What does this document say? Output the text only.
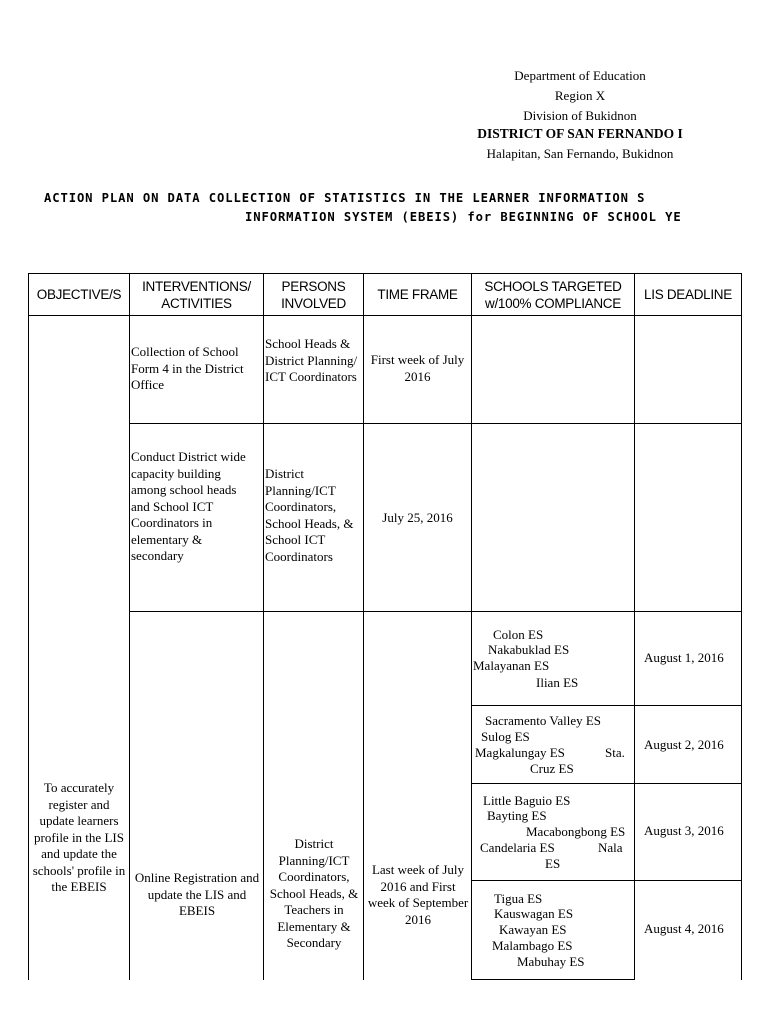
Department of Education
Region X
Division of Bukidnon
DISTRICT OF SAN FERNANDO I
Halapitan, San Fernando, Bukidnon
ACTION PLAN ON DATA COLLECTION OF STATISTICS IN THE LEARNER INFORMATION S
INFORMATION SYSTEM (EBEIS) for BEGINNING OF SCHOOL YE
OBJECTIVE/S
INTERVENTIONS/ ACTIVITIES
PERSONS INVOLVED
TIME FRAME
SCHOOLS TARGETED w/100% COMPLIANCE
LIS DEADLINE
To accurately register and update learners profile in the LIS and update the schools' profile in the EBEIS
Collection of School Form 4 in the District Office
School Heads & District Planning/ ICT Coordinators
First week of July 2016
Conduct District wide capacity building among school heads and School ICT Coordinators in elementary & secondary
District Planning/ICT Coordinators, School Heads, & School ICT Coordinators
July 25, 2016
Online Registration and update the LIS and EBEIS
District Planning/ICT Coordinators, School Heads, & Teachers in Elementary & Secondary
Last week of July 2016 and First week of September 2016
Colon ES
Nakabuklad ES
Malayanan ES
Ilian ES
August 1, 2016
Sacramento Valley ES
Sulog ES
Magkalungay ES	Sta.
Cruz ES
August 2, 2016
Little Baguio ES
Bayting ES
Macabongbong ES
Candelaria ES	Nala
ES
August 3, 2016
Tigua ES
Kauswagan ES
Kawayan ES
Malambago ES
Mabuhay ES
August 4, 2016
